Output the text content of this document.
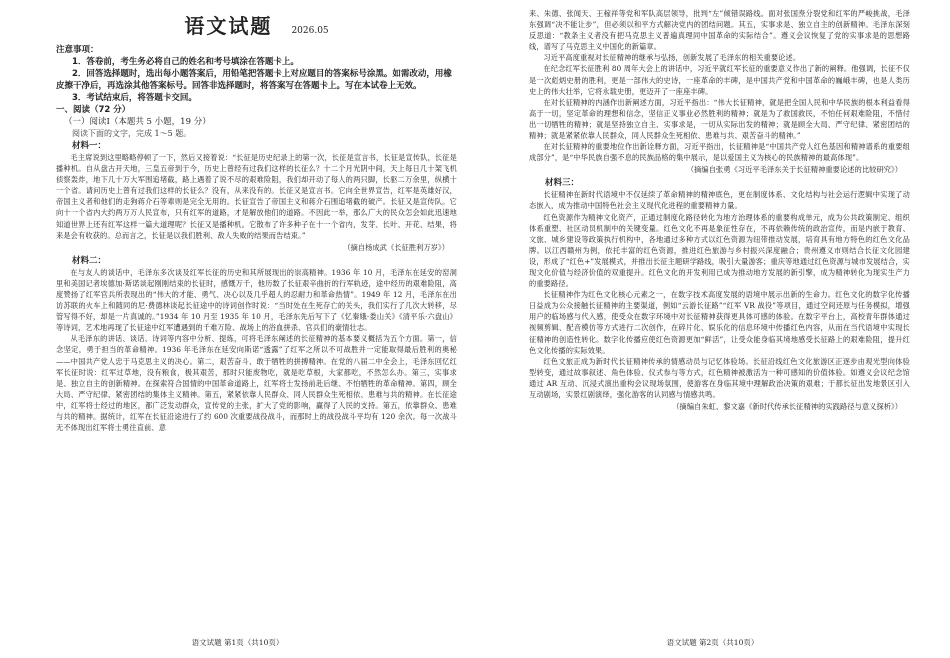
语文试题 2026.05
注意事项：
1．答卷前，考生务必将自己的姓名和考号填涂在答题卡上。
2．回答选择题时，选出每小题答案后，用铅笔把答题卡上对应题目的答案标号涂黑。如需改动，用橡皮擦干净后，再选涂其他答案标号。回答非选择题时，将答案写在答题卡上。写在本试卷上无效。
3．考试结束后，将答题卡交回。
一、阅读（72 分）
（一）阅读Ⅰ（本题共 5 小题，19 分）
阅读下面的文字，完成 1～5 题。
材料一：

毛主席说到这里略略停顿了一下，然后又接着说：“长征是历史纪录上的第一次，长征是宣言书，长征是宣传队，长征是播种机。自从盘古开天地，三皇五帝到于今，历史上曾经有过我们这样的长征么？十二个月光阴中间，天上每日几十架飞机侦察轰炸，地下几十万大军围追堵截，路上遇着了说不尽的艰难险阻，我们却开动了每人的两只脚，长驱二万余里，纵横十一个省。请问历史上曾有过我们这样的长征么？没有，从来没有的。长征又是宣言书。它向全世界宣告，红军是英雄好汉，帝国主义者和他们的走狗蒋介石等辈则是完全无用的。长征宣告了帝国主义和蒋介石围追堵截的破产。长征又是宣传队。它向十一个省内大约两万万人民宣布，只有红军的道路，才是解放他们的道路。不因此一举，那么广大的民众怎会如此迅速地知道世界上还有红军这样一篇大道理呢？长征又是播种机。它散布了许多种子在十一个省内，发芽、长叶、开花、结果，将来是会有收获的。总而言之，长征是以我们胜利、敌人失败的结果而告结束。”

（摘自杨成武《长征胜利万岁》）
材料二：

在与友人的谈话中，毛泽东多次谈及红军长征的历史和其所展现出的崇高精神。1936 年 10 月，毛泽东在延安的窑洞里和美国记者埃德加·斯诺谈起刚刚结束的长征时，感慨万千，他历数了长征艰辛曲折的行军轨迹，途中经历的艰难险阻，高度赞扬了红军官兵所表现出的“伟大的才能、勇气、决心以及几乎超人的忍耐力和革命热情”。1949 年 12 月，毛泽东在出访苏联的火车上和随同的尼·费德林谈起长征途中的诗词创作时说：“当时处在生死存亡的关头，我们实行了几次大转移，尽管写得不好，却是一片真诚的。”1934 年 10 月至 1935 年 10 月，毛泽东先后写下了《忆秦娥·娄山关》《清平乐·六盘山》等诗词，艺术地再现了长征途中红军遭遇到的千难万险、战场上的浴血拼杀、官兵们的豪情壮志。

从毛泽东的讲话、谈话、诗词等内容中分析、提炼，可将毛泽东阐述的长征精神的基本要义概括为五个方面。第一，信念坚定，勇于担当的革命精神。1936 年毛泽东在延安向斯诺“透露”了红军之所以不可战胜并一定能取得最后胜利的奥秘——中国共产党人忠于马克思主义的决心。第二，艰苦奋斗、敢于牺牲的拼搏精神。在党的八届二中全会上，毛泽东回忆红军长征时说：红军过草地，没有粮食，极其艰苦，那时只能废物吃，就是吃草根，大家都吃，不然怎么办。第三，实事求是、独立自主的创新精神。在探索符合国情的中国革命道路上，红军将士发扬前赴后继、不怕牺牲的革命精神。第四，顾全大局、严守纪律、紧密团结的集体主义精神。第五，紧紧依靠人民群众、同人民群众生死相依、患难与共的精神。在长征途中，红军将士经过的地区，都广泛发动群众，宣传党的主张，扩大了党的影响，赢得了人民的支持。第五，依靠群众、患难与共的精神。据统计，红军在长征沿途进行了约 600 次重要战役战斗，而那时上的战役战斗平均有 120 余次。每一次战斗无不体现出红军将士勇往直前、意

语文试题 第1页（共10页）

来、朱德、张闻天、王稼祥等党和军队高层领导，批判“左”倾错误路线。面对张国焘分裂党和红军的严峻挑战，毛泽东强调“决不能让步”，但必须以和平方式解决党内的团结问题。其五，实事求是、独立自主的创新精神。毛泽东深刻反思道：“教条主义者没有把马克思主义普遍真理同中国革命的实际结合”。遵义会议恢复了党的实事求是的思想路线，谱写了马克思主义中国化的新篇章。

习近平高度重视对长征精神的继承与弘扬，创新发展了毛泽东的相关重要论述。

在纪念红军长征胜利 80 周年大会上的讲话中，习近平就红军长征的重要意义作出了新的阐释。他强调，长征不仅是一次彪炳史册的胜利，更是一部伟大的史诗，一座革命的丰碑，是中国共产党和中国革命的巍峨丰碑，也是人类历史上的伟大壮举，它将永载史册，更迈开了一座座丰碑。

在对长征精神的内涵作出新阐述方面，习近平指出：“伟大长征精神，就是把全国人民和中华民族的根本利益看得高于一切，坚定革命的理想和信念，坚信正义事业必然胜利的精神；就是为了救国救民，不怕任何艰难险阻，不惜付出一切牺牲的精神；就是坚持独立自主、实事求是，一切从实际出发的精神；就是顾全大局、严守纪律、紧密团结的精神；就是紧紧依靠人民群众，同人民群众生死相依、患难与共、艰苦奋斗的精神。”

在对长征精神的重要地位作出新诠释方面，习近平指出，长征精神是“中国共产党人红色基因和精神谱系的重要组成部分”，是“中华民族自强不息的民族品格的集中展示，是以爱国主义为核心的民族精神的最高体现”。

（摘编自张勇《习近平毛泽东关于长征精神重要论述的比较研究》）
材料三：

长征精神在新时代语境中不仅延续了革命精神的精神底色，更在制度体系、文化结构与社会运行逻辑中实现了动态嵌入，成为推动中国特色社会主义现代化进程的重要精神力量。

红色资源作为精神文化资产，正通过制度化路径转化为地方治理体系的重要构成单元，成为公共政策制定、组织体系重塑、社区动员机制中的关键变量。红色文化不再是象征性存在，不再依赖传统的政治宣传，而是内嵌于教育、文旅、城乡建设等政策执行机构中，各地通过多种方式以红色资源为纽带推动发展，培育具有地方特色的红色文化品牌。以江西赣州为例，依托丰富的红色资源，推进红色旅游与乡村振兴深度融合；贵州遵义市则结合长征文化园建设，形成了“红色+”发展模式，并推出长征主题研学路线，吸引大量游客；重庆等地通过红色资源与城市发展结合，实现文化价值与经济价值的双重提升。红色文化的开发利用已成为推动地方发展的新引擎，成为精神转化为现实生产力的重要路径。

长征精神作为红色文化核心元素之一，在数字技术高度发展的语境中展示出新的生命力。红色文化的数字化传播日益成为公众接触长征精神的主要渠道，例如“云游长征路”“红军 VR 战役”等项目，通过空间还原与任务模拟，增强用户的临场感与代入感，使受众在数字环境中对长征精神获得更具体可感的体验。在数字平台上，高校青年群体通过视频剪辑、配音模仿等方式进行二次创作，在碎片化、娱乐化的信息环境中传播红色内容，从而在当代语境中实现长征精神的创造性转化。数字化传播应使红色资源更加“鲜活”，让受众能身临其境地感受长征路上的艰难险阻，提升红色文化传播的实际效果。

红色文旅正成为新时代长征精神传承的情感动员与记忆体验场。长征沿线红色文化旅游区正逐步由观光型向体验型转变，通过故事叙述、角色体验、仪式参与等方式，红色精神被激活为一种可感知的价值体验。如遵义会议纪念馆通过 AR 互动、沉浸式演出重构会议现场氛围，使游客在身临其境中理解政治决策的艰难；于都长征出发地景区引入互动剧场，实景红剧演绎，强化游客的认同感与情感共鸣。

（摘编自朱虹、黎文嘉《新时代传承长征精神的实践路径与意义探析》）
语文试题 第2页（共10页）
